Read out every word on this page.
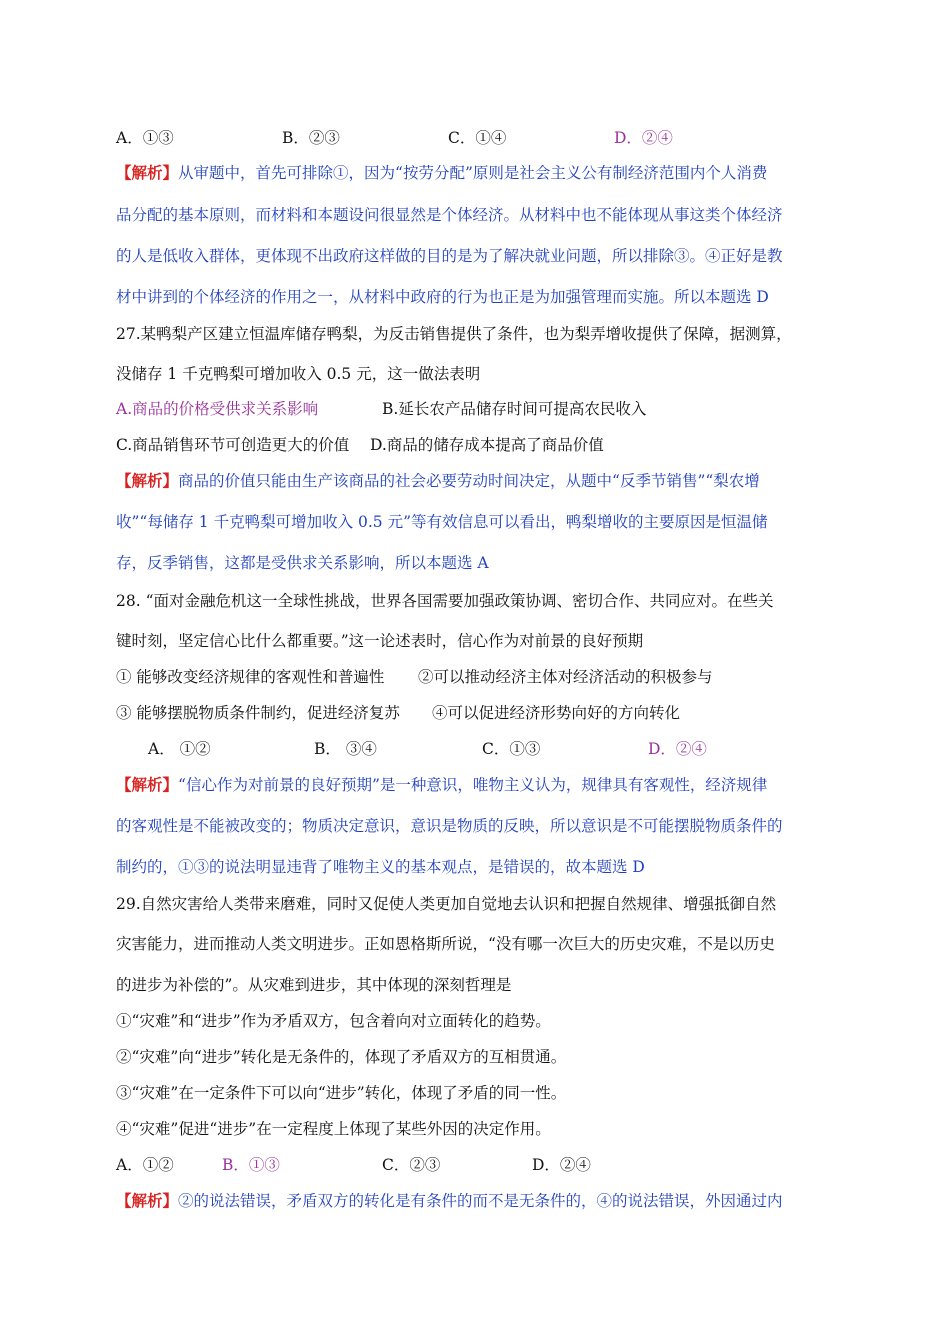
A．①③	B．②③	C．①④	D．②④
【解析】从审题中，首先可排除①，因为“按劳分配”原则是社会主义公有制经济范围内个人消费
品分配的基本原则，而材料和本题设问很显然是个体经济。从材料中也不能体现从事这类个体经济
的人是低收入群体，更体现不出政府这样做的目的是为了解决就业问题，所以排除③。④正好是教
材中讲到的个体经济的作用之一，从材料中政府的行为也正是为加强管理而实施。所以本题选 D
27.某鸭梨产区建立恒温库储存鸭梨，为反击销售提供了条件，也为梨弄增收提供了保障，据测算，
没储存 1 千克鸭梨可增加收入 0.5 元，这一做法表明
A.商品的价格受供求关系影响	B.延长农产品储存时间可提高农民收入
C.商品销售环节可创造更大的价值 D.商品的储存成本提高了商品价值
【解析】商品的价值只能由生产该商品的社会必要劳动时间决定，从题中“反季节销售”“梨农增
收”“每储存 1 千克鸭梨可增加收入 0.5 元”等有效信息可以看出，鸭梨增收的主要原因是恒温储
存，反季销售，这都是受供求关系影响，所以本题选 A
28. “面对金融危机这一全球性挑战，世界各国需要加强政策协调、密切合作、共同应对。在些关
键时刻，坚定信心比什么都重要。”这一论述表时，信心作为对前景的良好预期
① 能够改变经济规律的客观性和普遍性 ②可以推动经济主体对经济活动的积极参与
③ 能够摆脱物质条件制约，促进经济复苏 ④可以促进经济形势向好的方向转化
A． ①②	B． ③④	C．①③	D．②④
【解析】“信心作为对前景的良好预期”是一种意识，唯物主义认为，规律具有客观性，经济规律
的客观性是不能被改变的；物质决定意识，意识是物质的反映，所以意识是不可能摆脱物质条件的
制约的，①③的说法明显违背了唯物主义的基本观点，是错误的，故本题选 D
29.自然灾害给人类带来磨难，同时又促使人类更加自觉地去认识和把握自然规律、增强抵御自然
灾害能力，进而推动人类文明进步。正如恩格斯所说，“没有哪一次巨大的历史灾难，不是以历史
的进步为补偿的”。从灾难到进步，其中体现的深刻哲理是
①“灾难”和“进步”作为矛盾双方，包含着向对立面转化的趋势。
②“灾难”向“进步”转化是无条件的，体现了矛盾双方的互相贯通。
③“灾难”在一定条件下可以向“进步”转化，体现了矛盾的同一性。
④“灾难”促进“进步”在一定程度上体现了某些外因的决定作用。
A．①②	B．①③	C．②③	D．②④
【解析】②的说法错误，矛盾双方的转化是有条件的而不是无条件的，④的说法错误，外因通过内
